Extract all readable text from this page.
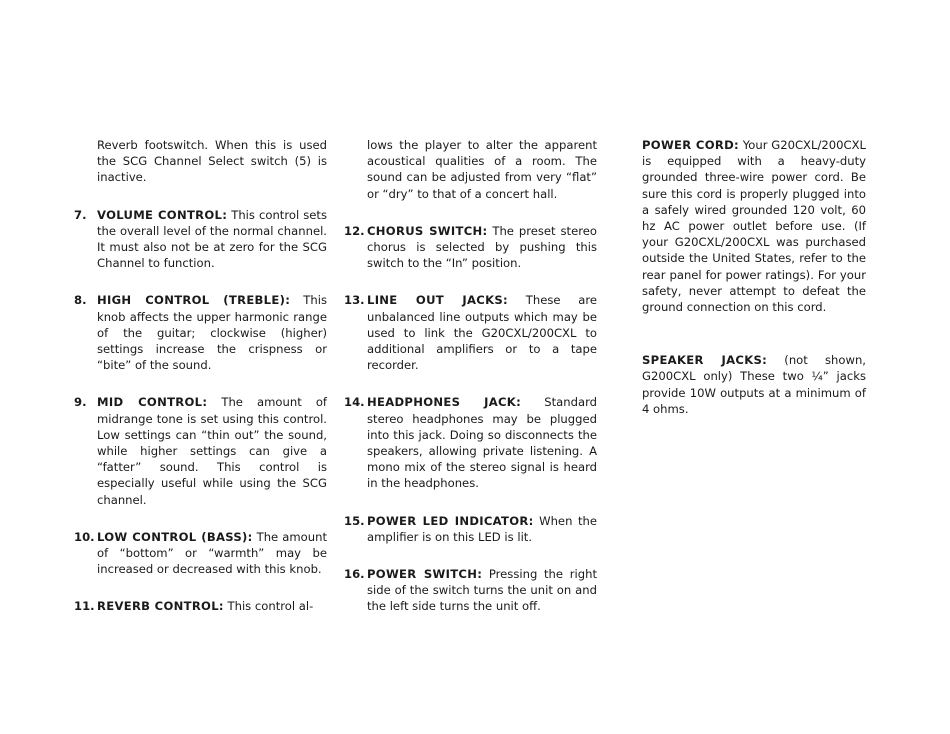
Reverb footswitch. When this is used the SCG Channel Select switch (5) is inactive.

7. VOLUME CONTROL: This control sets the overall level of the normal channel. It must also not be at zero for the SCG Channel to function.
8. HIGH CONTROL (TREBLE): This knob affects the upper harmonic range of the guitar; clockwise (higher) settings increase the crispness or “bite” of the sound.
9. MID CONTROL: The amount of midrange tone is set using this control. Low settings can “thin out” the sound, while higher settings can give a “fatter” sound. This control is especially useful while using the SCG channel.
10. LOW CONTROL (BASS): The amount of “bottom” or “warmth” may be increased or decreased with this knob.
11. REVERB CONTROL: This control al-

lows the player to alter the apparent acoustical qualities of a room. The sound can be adjusted from very “flat” or “dry” to that of a concert hall.

12. CHORUS SWITCH: The preset stereo chorus is selected by pushing this switch to the “In” position.
13. LINE OUT JACKS: These are unbalanced line outputs which may be used to link the G20CXL/200CXL to additional amplifiers or to a tape recorder.
14. HEADPHONES JACK: Standard stereo headphones may be plugged into this jack. Doing so disconnects the speakers, allowing private listening. A mono mix of the stereo signal is heard in the headphones.
15. POWER LED INDICATOR: When the amplifier is on this LED is lit.
16. POWER SWITCH: Pressing the right side of the switch turns the unit on and the left side turns the unit off.

POWER CORD: Your G20CXL/200CXL is equipped with a heavy-duty grounded three-wire power cord. Be sure this cord is properly plugged into a safely wired grounded 120 volt, 60 hz AC power outlet before use. (If your G20CXL/200CXL was purchased outside the United States, refer to the rear panel for power ratings). For your safety, never attempt to defeat the ground connection on this cord.

SPEAKER JACKS: (not shown, G200CXL only) These two ¼” jacks provide 10W outputs at a minimum of 4 ohms.
